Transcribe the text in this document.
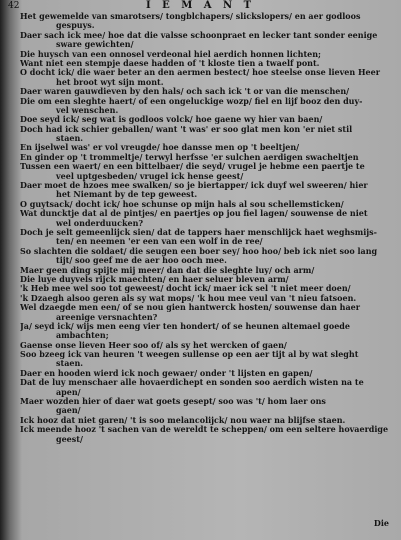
42	I E M A N T
Het gewemelde van smarotsers/ tongblchapers/ slickslopers/ en aer godloos
gespuys.
Daer sach ick mee/ hoe dat die valsse schoonpraet en lecker tant sonder eenige
sware gewichten/
Die huysch van een onnosel verdeonal hiel aerdich honnen lichten;
Want niet een stempje daese hadden of 't kloste tien a twaelf pont.
O docht ick/ die waer beter an den aermen bestect/ hoe steelse onse lieven Heer
het broot wyt sijn mont.
Daer waren gauwdieven by den hals/ och sach ick 't or van die menschen/
Die om een sleghte haert/ of een ongeluckige wozp/ fiel en lijf booz den duy-
vel wenschen.
Doe seyd ick/ seg wat is godloos volck/ hoe gaene wy hier van baen/
Doch had ick schier geballen/ want 't was' er soo glat men kon 'er niet stil
staen.
En ijselwel was' er vol vreugde/ hoe dansse men op 't beeltjen/
En ginder op 't trommeltje/ terwyl herfsse 'er sulchen aerdigen swacheltjen
Tussen een waert/ en een bittelbaer/ die seyd/ vrugel je hebme een paertje te
veel uptgesbeden/ vrugel ick hense geest/
Daer moet de hzoes mee swalken/ so je biertapper/ ick duyf wel sweeren/ hier
het Niemant by de tep geweest.
O guytsack/ docht ick/ hoe schunse op mijn hals al sou schellemsticken/
Wat duncktje dat al de pintjes/ en paertjes op jou fiel lagen/ souwense de niet
wel onderduucken?
Doch je selt gemeenlijck sien/ dat de tappers haer menschlijck haet weghsmijs-
ten/ en neemen 'er een van een wolf in de ree/
So slachten die soldaet/ die seugen een boer sey/ hoo hoo/ beb ick niet soo lang
tijt/ soo geef me de aer hoo ooch mee.
Maer geen ding spijte mij meer/ dan dat die sleghte luy/ och arm/
Die luye duyvels rijck maechten/ en haer seluer bleven arm/
'k Heb mee wel soo tot geweest/ docht ick/ maer ick sel 't niet meer doen/
'k Dzaegh alsoo geren als sy wat mops/ 'k hou mee veul van 't nieu fatsoen.
Wel dzaegde men een/ of se nou gien hantwerck hosten/ souwense dan haer
areenige versnachten?
Ja/ seyd ick/ wijs men eeng vier ten hondert/ of se heunen altemael goede
ambachten;
Gaense onse lieven Heer soo of/ als sy het wercken of gaen/
Soo bzeeg ick van heuren 't weegen sullense op een aer tijt al by wat sleght
staen.
Daer en hooden wierd ick noch gewaer/ onder 't lijsten en gapen/
Dat de luy menschaer alle hovaerdichept en sonden soo aerdich wisten na te
apen/
Maer wozden hier of daer wat goets gesept/ soo was 't/ hom laer ons
gaen/
Ick hooz dat niet garen/ 't is soo melancolijck/ nou waer na blijfse staen.
Ick meende hooz 't sachen van de wereldt te scheppen/ om een seltere hovaerdige
geest/
Die
